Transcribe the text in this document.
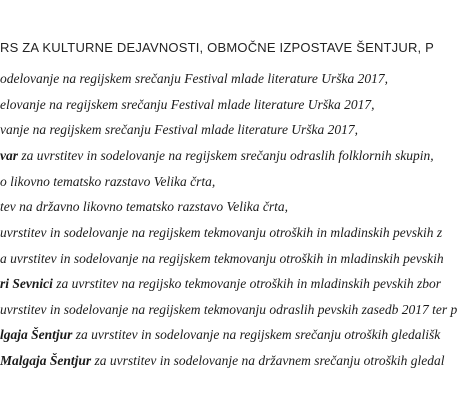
RS ZA KULTURNE DEJAVNOSTI, OBMOČNE IZPOSTAVE ŠENTJUR, P
odelovanje na regijskem srečanju Festival mlade literature Urška 2017,
elovanje na regijskem srečanju Festival mlade literature Urška 2017,
vanje na regijskem srečanju Festival mlade literature Urška 2017,
var za uvrstitev in sodelovanje na regijskem srečanju odraslih folklornih skupin,
o likovno tematsko razstavo Velika črta,
tev na državno likovno tematsko razstavo Velika črta,
uvrstitev in sodelovanje na regijskem tekmovanju otroških in mladinskih pevskih z
a uvrstitev in sodelovanje na regijskem tekmovanju otroških in mladinskih pevskih
ri Sevnici za uvrstitev na regijsko tekmovanje otroških in mladinskih pevskih zbor
uvrstitev in sodelovanje na regijskem tekmovanju odraslih pevskih zasedb 2017 ter p
lgaja Šentjur za uvrstitev in sodelovanje na regijskem srečanju otroških gledališk
Malgaja Šentjur za uvrstitev in sodelovanje na državnem srečanju otroških gledal
